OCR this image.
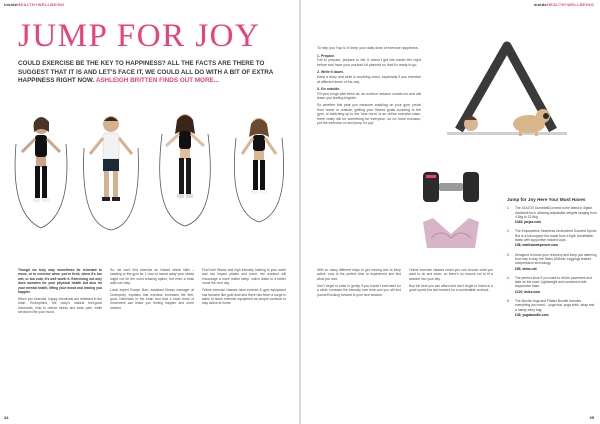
insideHEALTH+WELLBEING
JUMP FOR JOY

COULD EXERCISE BE THE KEY TO HAPPINESS? ALL THE FACTS ARE THERE TO SUGGEST THAT IT IS AND LET'S FACE IT, WE COULD ALL DO WITH A BIT OF EXTRA HAPPINESS RIGHT NOW. ASHLEIGH BRITTEN FINDS OUT MORE...

Though we truly may sometimes be reluctant to move, or to exercise when you're tired, when it's too wet, or too cold, it's well worth it. Exercising not only does wonders for your physical health but also for your mental health, lifting your mood and leaving you happier.

When you exercise, happy chemicals are released in the brain. Endorphins, the body's natural feel-good chemicals, help to relieve stress and ease pain, while serotonin lifts your mood.

So, we can't find exercise an instant stress killer – heading to the gym for 1 hour to sweat away your stress might not be the most relaxing option, but even a brisk walk can help.

Local expert Evelyn Barr, assistant fitness manager at Champney, explains that exercise increases the feel-good chemicals in the brain and that a short burst of movement can leave you feeling happier and more content.

Find both fitness and high intensity training to your week and low impact pilates and barre, the workout will encourage a more restful sleep, which leads to a better mood the next day.

Online exercise classes have evolved & gym equipment has become like gold dust and there has been a surge in sales of home exercise equipment as people continue to stay active at home.

34
insideHEALTH+WELLBEING

To help you 'hop to it' keep your daily dose of exercise happiness.

1. Prepare.

Fail to prepare, prepare to fail. It doesn't get lots easier the night before and have your workout kit planned so that it's ready to go.

2. Write it down.

Keep a diary and write in anything down, especially if you exercise at different times of the day.

3. Go outside.

Fill your lungs with fresh air, an outdoor session counts too and will leave you feeling brighter.

So whether this year you measure anything on your gym, pedal from home or outside, getting your fitness goals counting to the gym, or switching up to the 'new norm' of an online exercise class, there really will be something for everyone, so no more excuses, put the exercise on and jump for joy!

With so many different ways to get moving and to keep active, now is the perfect time to experiment and find what you love.

Don't forget to ease in gently if you haven't exercised for a while, increase the intensity over time and you will find yourself looking forward to your next session.

Online exercise classes mean you can choose what you want to do and when, so there's no excuse not to fit a session into your day.

Buy the best you can afford and don't forget to invest in a good sports bra and trainers for a comfortable workout.

Jump for Joy Here Your Must Haves
1	The JAXJOX DumbbellConnect is the latest in digital dumbbell tech, allowing adjustable weights ranging from 4.5kg to 22.6kg.
£349, jaxjox.com
2	The Empowerise Seamless Underwired Soonest Sports Bra is a full-support bra made from a light, breathable, fabric with supportive molded cups.
£38, marksandspencer.com
3	Designed to boost your recovery and keep you warming from day to day, the Skins DNAmic Leggings feature compression technology.
£65, skins.net
4	The perfect shoe if you want to hit the pavement and take on the road. Lightweight and cushioned with responsive foam.
£120, asics.com
5	The Mocha Yoga and Pilates Bundle includes everything you need – yoga mat, yoga brick, strap and a handy carry bag.
£45, yogabundle.com
35
